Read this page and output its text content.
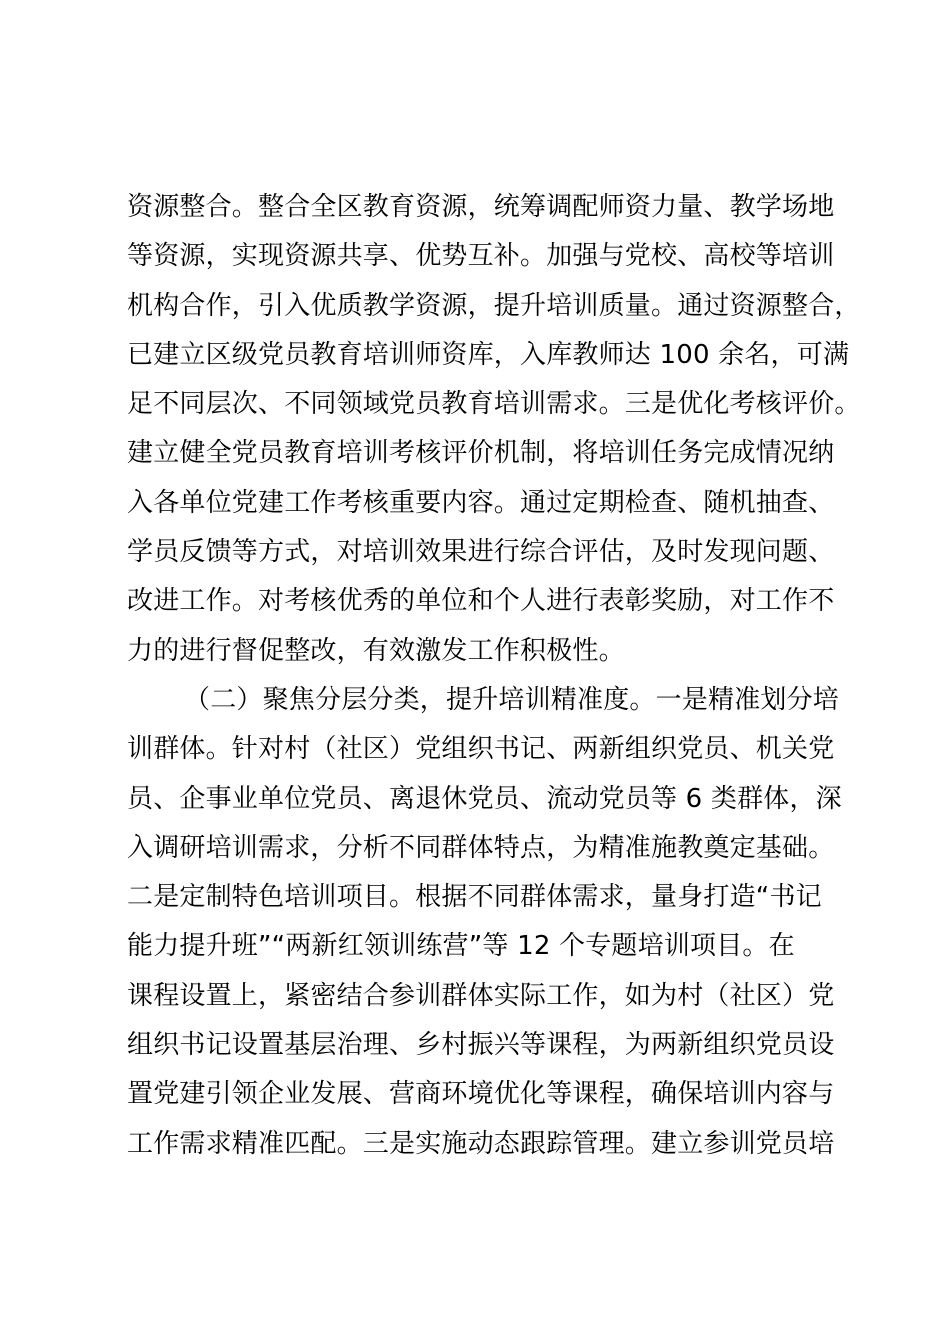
资源整合。整合全区教育资源，统筹调配师资力量、教学场地
等资源，实现资源共享、优势互补。加强与党校、高校等培训
机构合作，引入优质教学资源，提升培训质量。通过资源整合，
已建立区级党员教育培训师资库，入库教师达 100 余名，可满
足不同层次、不同领域党员教育培训需求。三是优化考核评价。
建立健全党员教育培训考核评价机制，将培训任务完成情况纳
入各单位党建工作考核重要内容。通过定期检查、随机抽查、
学员反馈等方式，对培训效果进行综合评估，及时发现问题、
改进工作。对考核优秀的单位和个人进行表彰奖励，对工作不
力的进行督促整改，有效激发工作积极性。
（二）聚焦分层分类，提升培训精准度。一是精准划分培
训群体。针对村（社区）党组织书记、两新组织党员、机关党
员、企事业单位党员、离退休党员、流动党员等 6 类群体，深
入调研培训需求，分析不同群体特点，为精准施教奠定基础。
二是定制特色培训项目。根据不同群体需求，量身打造“书记
能力提升班”“两新红领训练营”等 12 个专题培训项目。在
课程设置上，紧密结合参训群体实际工作，如为村（社区）党
组织书记设置基层治理、乡村振兴等课程，为两新组织党员设
置党建引领企业发展、营商环境优化等课程，确保培训内容与
工作需求精准匹配。三是实施动态跟踪管理。建立参训党员培
